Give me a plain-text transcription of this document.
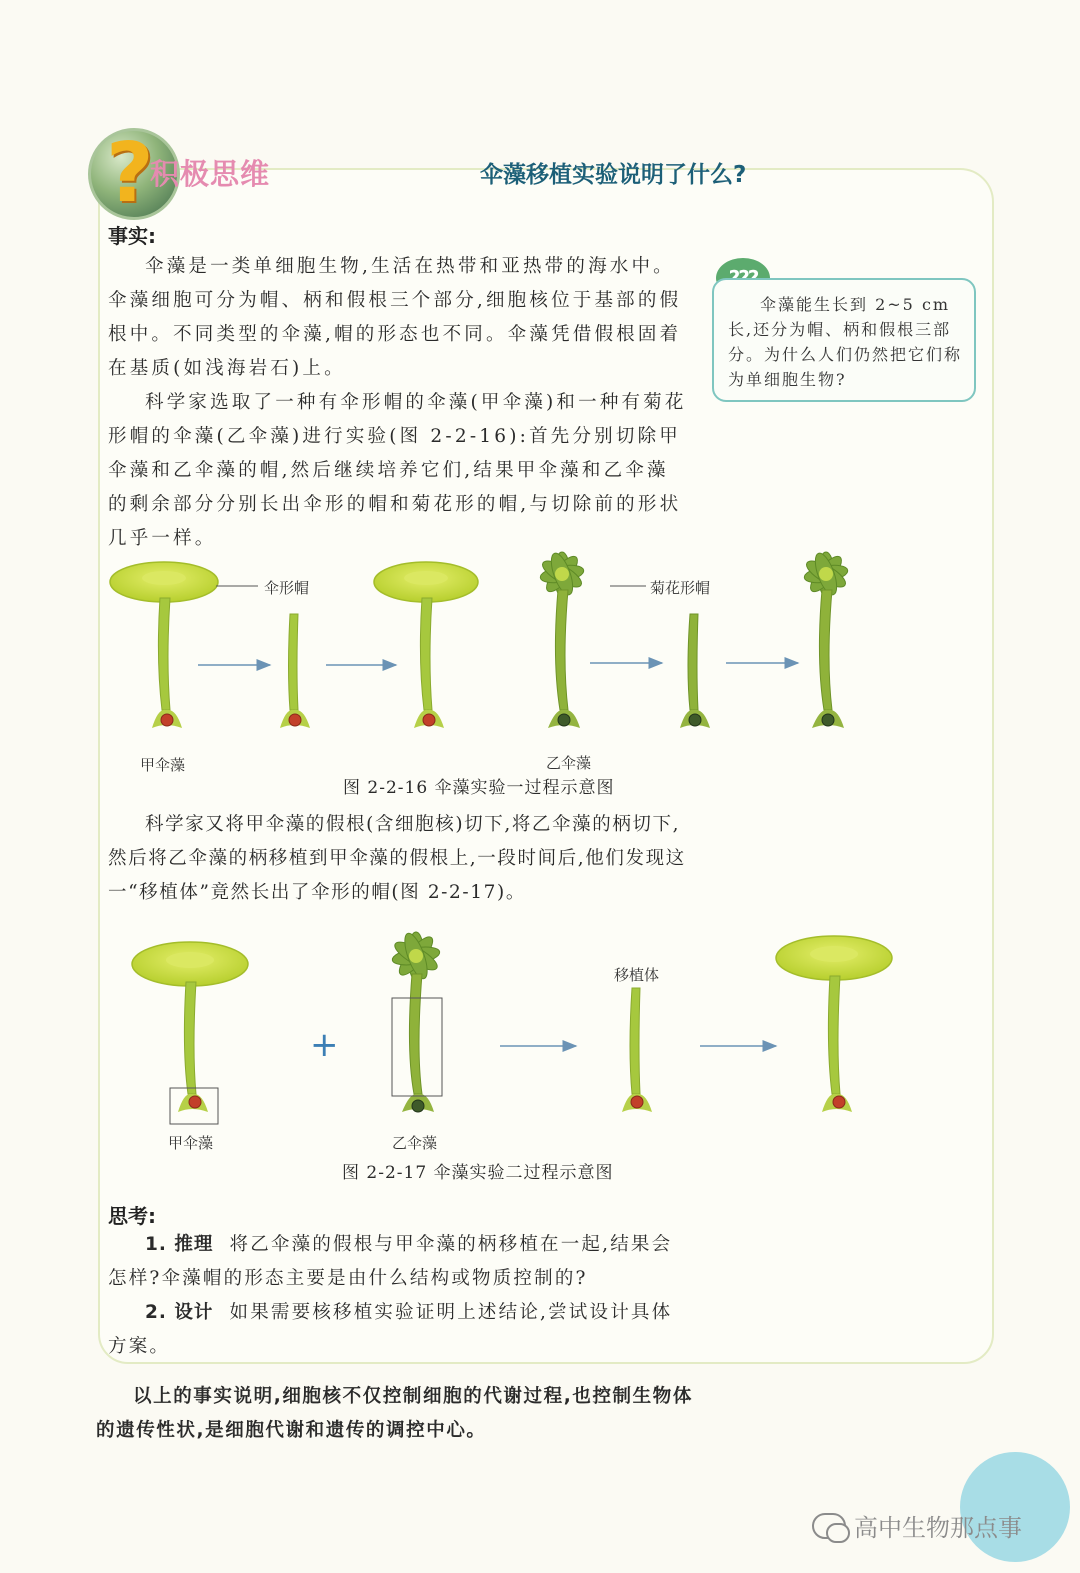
?
积极思维	伞藻移植实验说明了什么?
事实:
伞藻是一类单细胞生物,生活在热带和亚热带的海水中。伞藻细胞可分为帽、柄和假根三个部分,细胞核位于基部的假根中。不同类型的伞藻,帽的形态也不同。伞藻凭借假根固着在基质(如浅海岩石)上。
科学家选取了一种有伞形帽的伞藻(甲伞藻)和一种有菊花形帽的伞藻(乙伞藻)进行实验(图 2-2-16):首先分别切除甲伞藻和乙伞藻的帽,然后继续培养它们,结果甲伞藻和乙伞藻的剩余部分分别长出伞形的帽和菊花形的帽,与切除前的形状几乎一样。
伞藻能生长到 2~5 cm 长,还分为帽、柄和假根三部分。为什么人们仍然把它们称为单细胞生物?
伞形帽	菊花形帽
甲伞藻	乙伞藻
图 2-2-16 伞藻实验一过程示意图
科学家又将甲伞藻的假根(含细胞核)切下,将乙伞藻的柄切下,然后将乙伞藻的柄移植到甲伞藻的假根上,一段时间后,他们发现这一“移植体”竟然长出了伞形的帽(图 2-2-17)。
+
移植体
甲伞藻	乙伞藻
图 2-2-17 伞藻实验二过程示意图
思考:
1. 推理 将乙伞藻的假根与甲伞藻的柄移植在一起,结果会怎样?伞藻帽的形态主要是由什么结构或物质控制的?
2. 设计 如果需要核移植实验证明上述结论,尝试设计具体方案。
以上的事实说明,细胞核不仅控制细胞的代谢过程,也控制生物体的遗传性状,是细胞代谢和遗传的调控中心。
高中生物那点事
